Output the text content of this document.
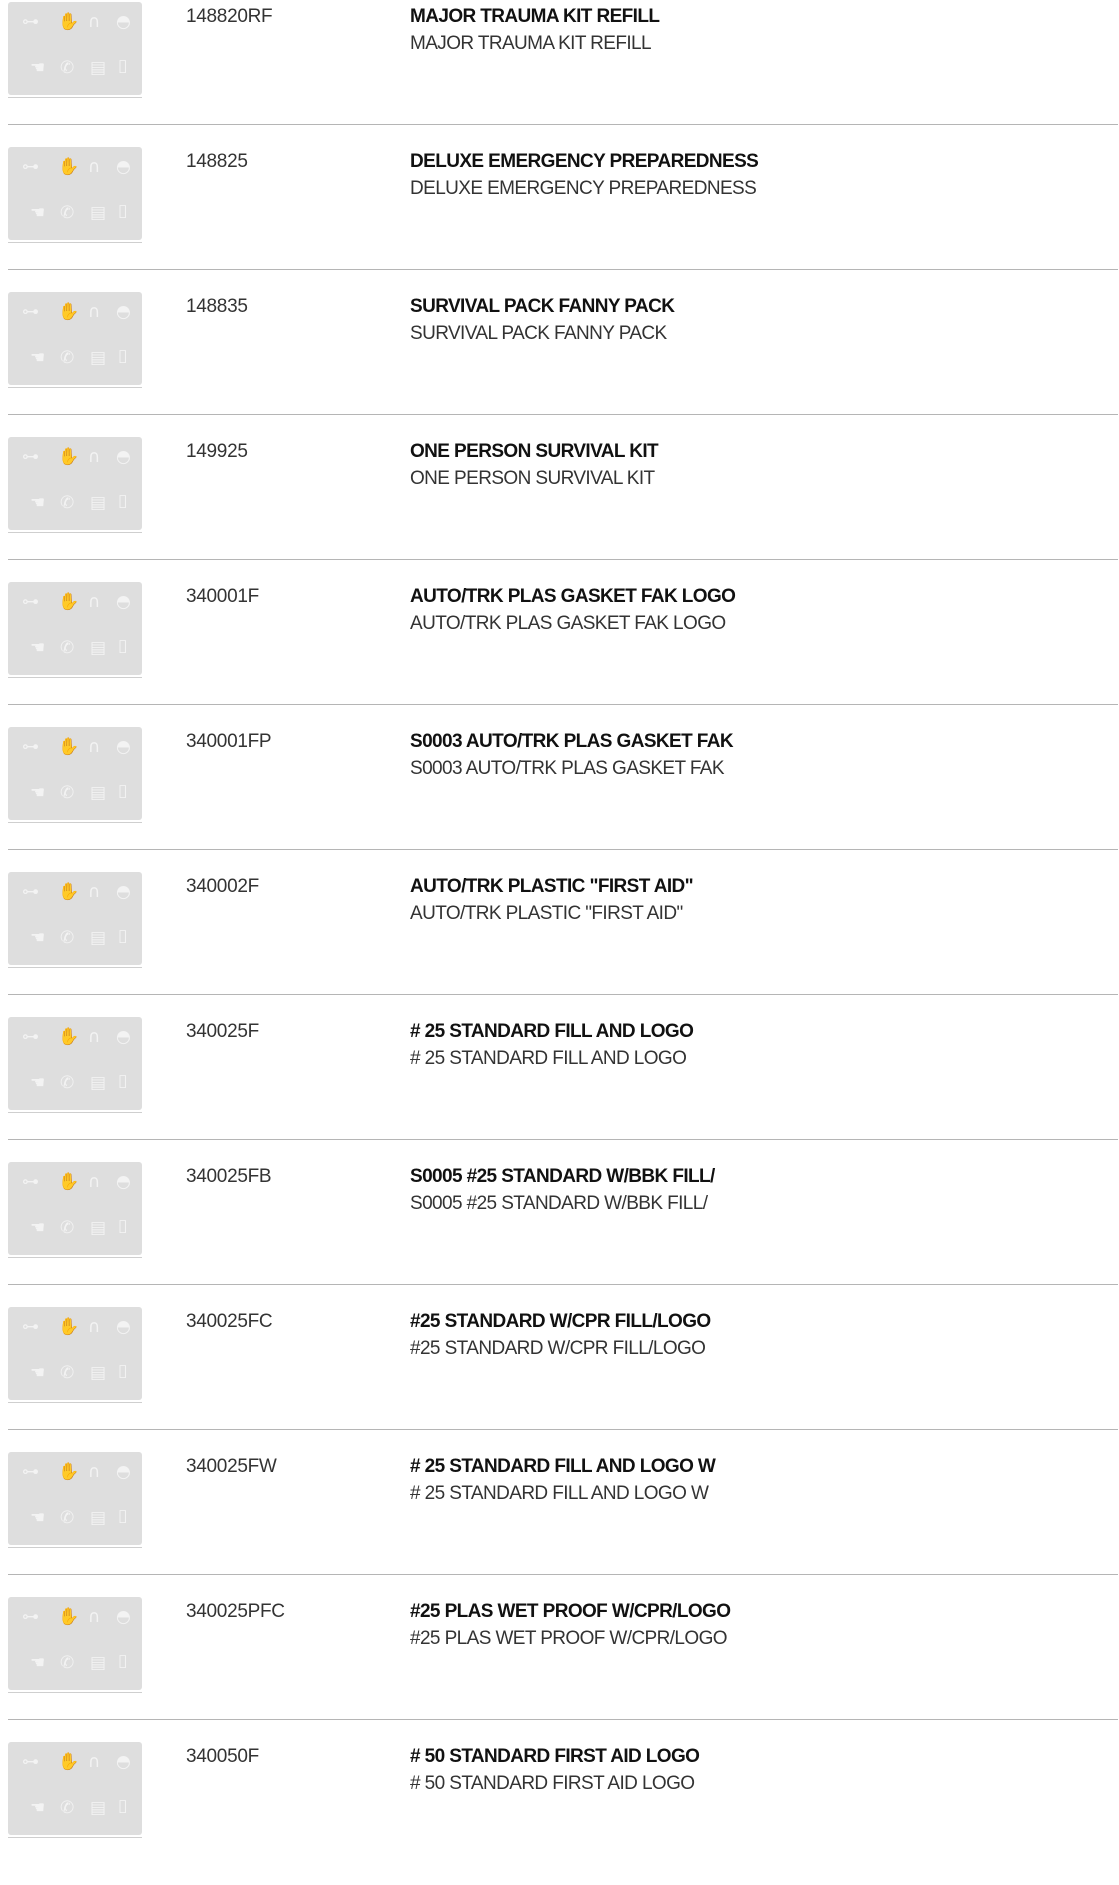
⊶ ✋ ∩ ◓
☚ ✆ ▤ ▯
148820RF	MAJOR TRAUMA KIT REFILL
MAJOR TRAUMA KIT REFILL
⊶ ✋ ∩ ◓
☚ ✆ ▤ ▯
148825	DELUXE EMERGENCY PREPAREDNESS
DELUXE EMERGENCY PREPAREDNESS
⊶ ✋ ∩ ◓
☚ ✆ ▤ ▯
148835	SURVIVAL PACK FANNY PACK
SURVIVAL PACK FANNY PACK
⊶ ✋ ∩ ◓
☚ ✆ ▤ ▯
149925	ONE PERSON SURVIVAL KIT
ONE PERSON SURVIVAL KIT
⊶ ✋ ∩ ◓
☚ ✆ ▤ ▯
340001F	AUTO/TRK PLAS GASKET FAK LOGO
AUTO/TRK PLAS GASKET FAK LOGO
⊶ ✋ ∩ ◓
☚ ✆ ▤ ▯
340001FP	S0003 AUTO/TRK PLAS GASKET FAK
S0003 AUTO/TRK PLAS GASKET FAK
⊶ ✋ ∩ ◓
☚ ✆ ▤ ▯
340002F	AUTO/TRK PLASTIC "FIRST AID"
AUTO/TRK PLASTIC "FIRST AID"
⊶ ✋ ∩ ◓
☚ ✆ ▤ ▯
340025F	# 25 STANDARD FILL AND LOGO
# 25 STANDARD FILL AND LOGO
⊶ ✋ ∩ ◓
☚ ✆ ▤ ▯
340025FB	S0005 #25 STANDARD W/BBK FILL/
S0005 #25 STANDARD W/BBK FILL/
⊶ ✋ ∩ ◓
☚ ✆ ▤ ▯
340025FC	#25 STANDARD W/CPR FILL/LOGO
#25 STANDARD W/CPR FILL/LOGO
⊶ ✋ ∩ ◓
☚ ✆ ▤ ▯
340025FW	# 25 STANDARD FILL AND LOGO W
# 25 STANDARD FILL AND LOGO W
⊶ ✋ ∩ ◓
☚ ✆ ▤ ▯
340025PFC	#25 PLAS WET PROOF W/CPR/LOGO
#25 PLAS WET PROOF W/CPR/LOGO
⊶ ✋ ∩ ◓
☚ ✆ ▤ ▯
340050F	# 50 STANDARD FIRST AID LOGO
# 50 STANDARD FIRST AID LOGO
